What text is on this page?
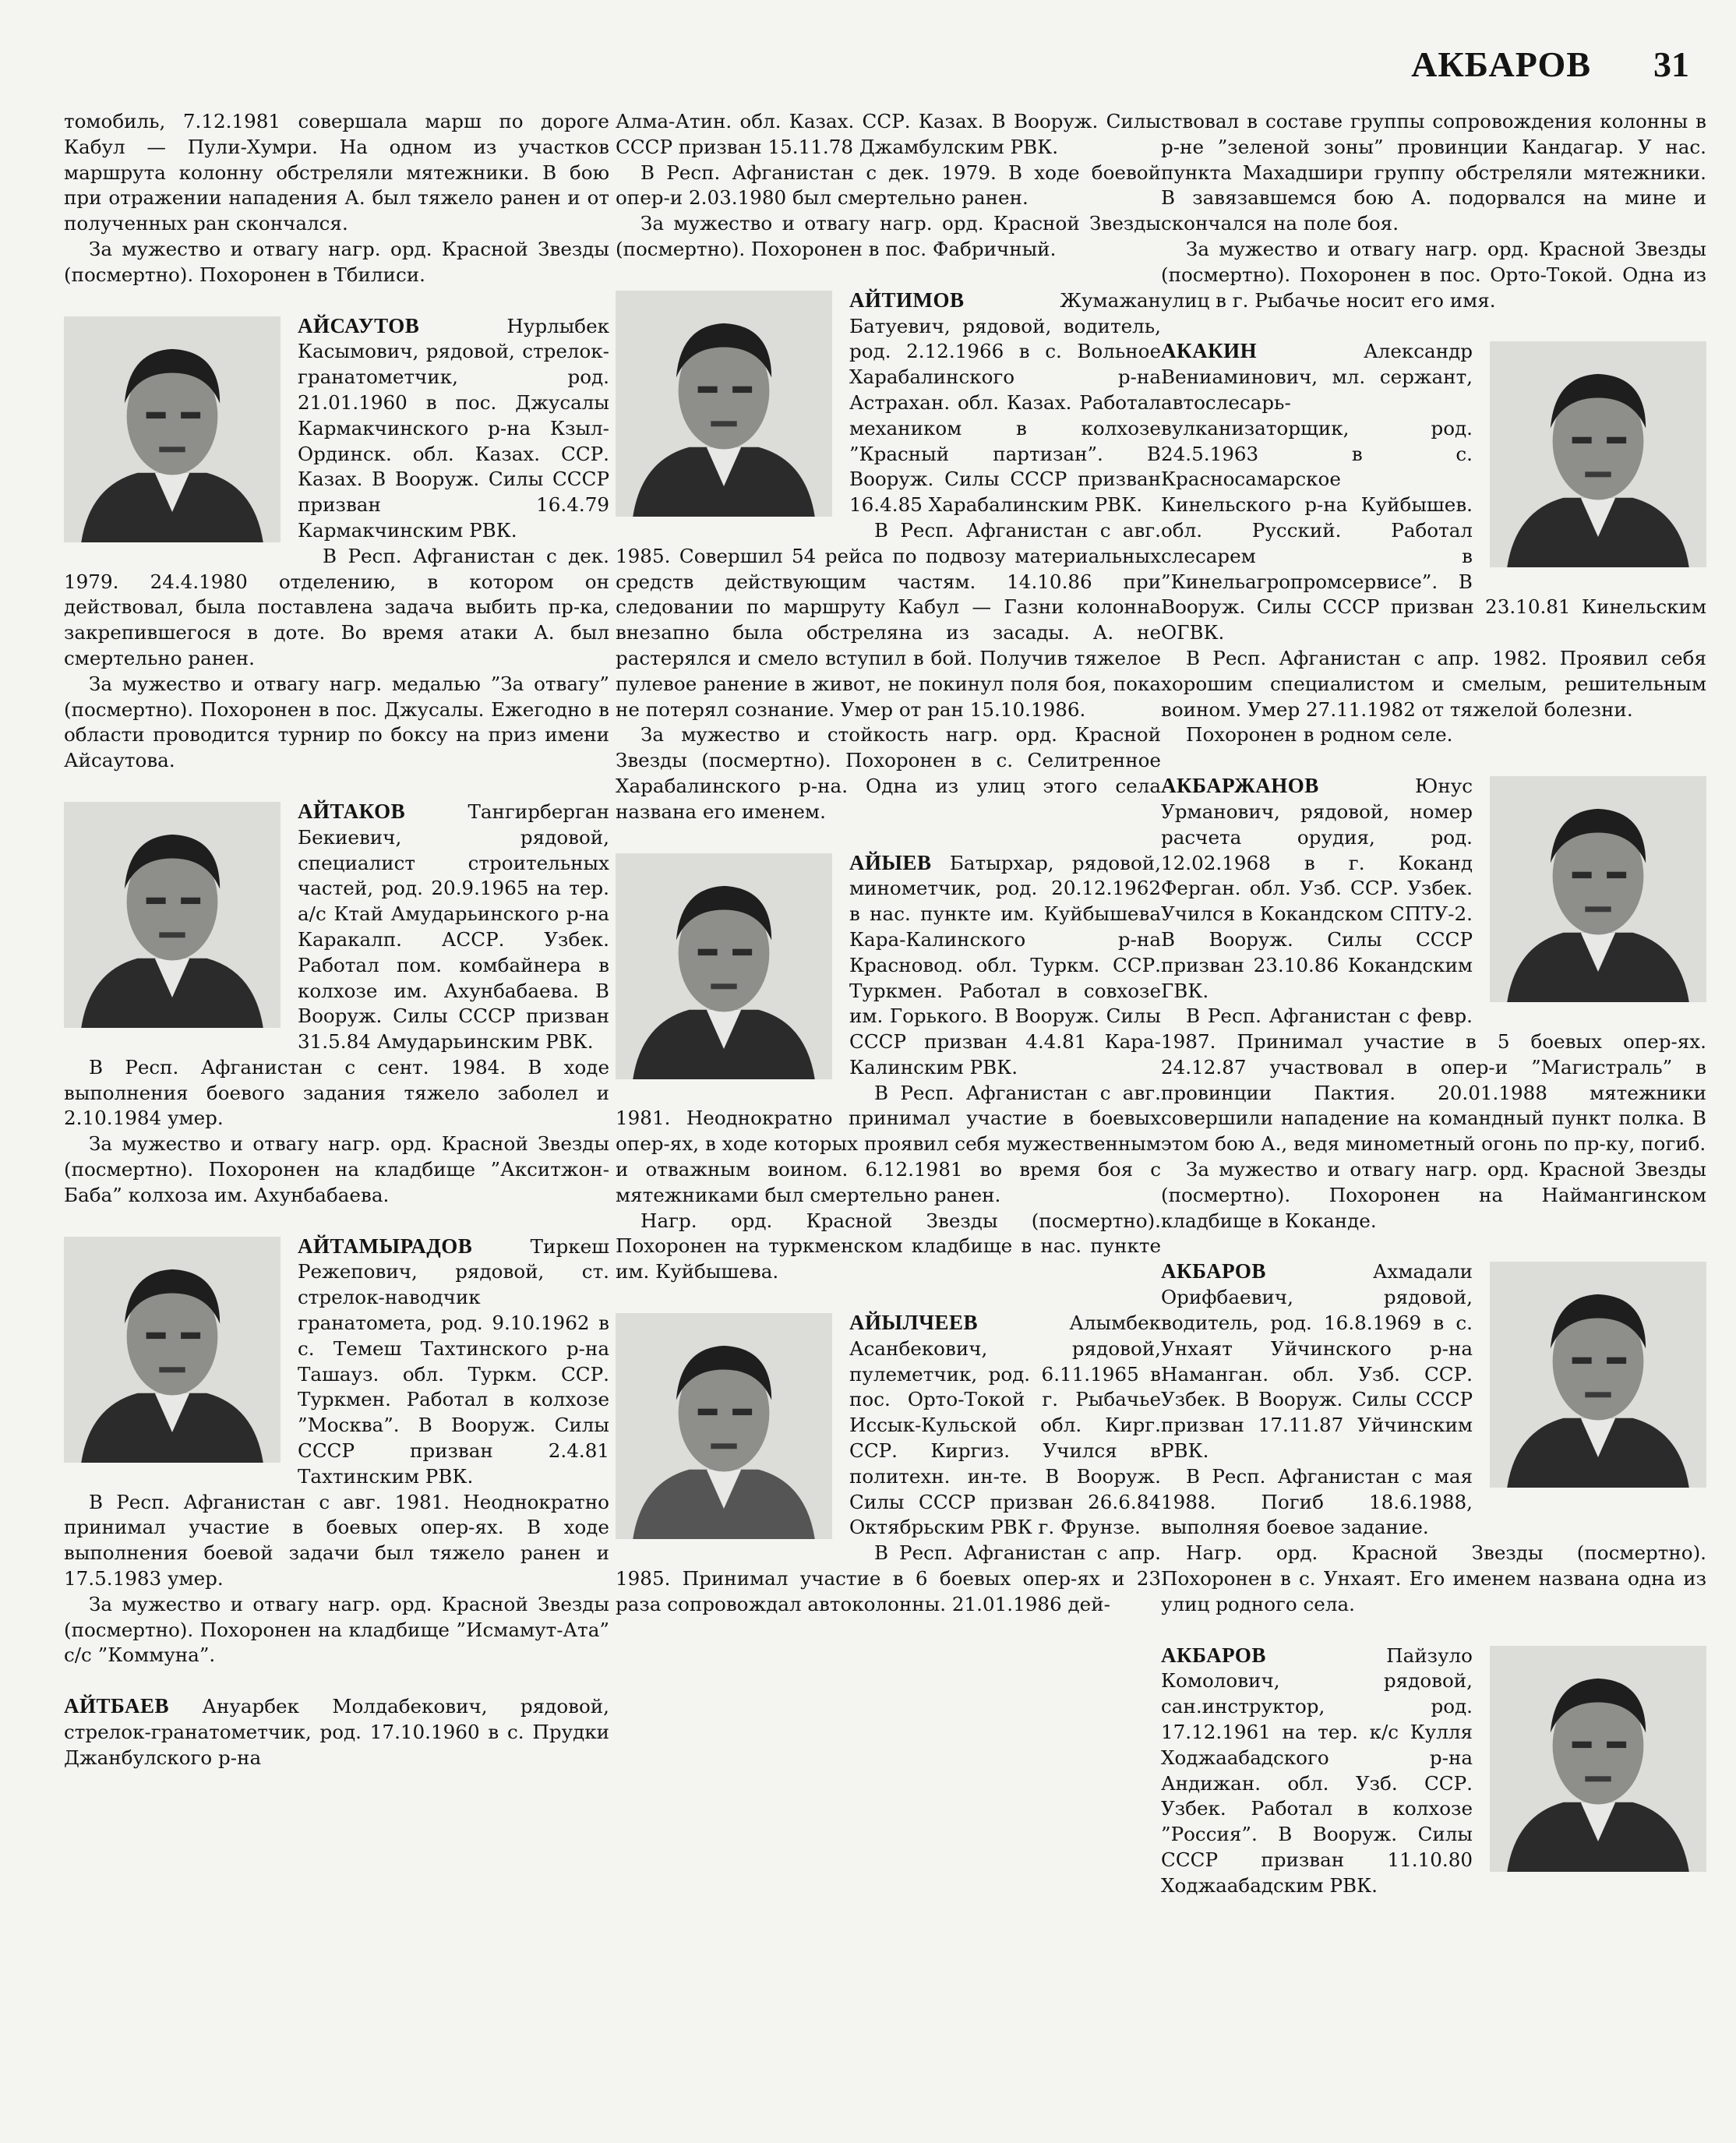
АКБАРОВ 31

томобиль, 7.12.1981 совершала марш по дороге Кабул — Пули-Хумри. На одном из участков маршрута колонну обстреляли мятежники. В бою при отражении нападения А. был тяжело ранен и от полученных ран скончался.

За мужество и отвагу нагр. орд. Красной Звезды (посмертно). Похоронен в Тбилиси.

АЙСАУТОВ	Нурлыбек Касымович, рядовой, стрелок-гранатометчик, род. 21.01.1960 в пос. Джусалы Кармакчинского р-на Кзыл-Ординск. обл. Казах. ССР. Казах. В Вооруж. Силы СССР призван 16.4.79 Кармакчинским РВК.

В Респ. Афганистан с дек. 1979. 24.4.1980 отделению, в котором он действовал, была поставлена задача выбить пр-ка, закрепившегося в доте. Во время атаки А. был смертельно ранен.

За мужество и отвагу нагр. медалью ”За отвагу” (посмертно). Похоронен в пос. Джусалы. Ежегодно в области проводится турнир по боксу на приз имени Айсаутова.

АЙТАКОВ	Тангирберган Бекиевич, рядовой, специалист строительных частей, род. 20.9.1965 на тер. а/с Ктай Амударьинского р-на Каракалп. АССР. Узбек. Работал пом. комбайнера в колхозе им. Ахунбабаева. В Вооруж. Силы СССР призван 31.5.84 Амударьинским РВК.

В Респ. Афганистан с сент. 1984. В ходе выполнения боевого задания тяжело заболел и 2.10.1984 умер.

За мужество и отвагу нагр. орд. Красной Звезды (посмертно). Похоронен на кладбище ”Акситжон-Баба” колхоза им. Ахунбабаева.

АЙТАМЫРАДОВ	Тиркеш Режепович, рядовой, ст. стрелок-наводчик гранатомета, род. 9.10.1962 в с. Темеш Тахтинского р-на Ташауз. обл. Туркм. ССР. Туркмен. Работал в колхозе ”Москва”. В Вооруж. Силы СССР призван 2.4.81 Тахтинским РВК.

В Респ. Афганистан с авг. 1981. Неоднократно принимал участие в боевых опер-ях. В ходе выполнения боевой задачи был тяжело ранен и 17.5.1983 умер.

За мужество и отвагу нагр. орд. Красной Звезды (посмертно). Похоронен на кладбище ”Исмамут-Ата” с/с ”Коммуна”.

АЙТБАЕВ Ануарбек Молдабекович, рядовой, стрелок-гранатометчик, род. 17.10.1960 в с. Прудки Джанбулского р-на

Алма-Атин. обл. Казах. ССР. Казах. В Вооруж. Силы СССР призван 15.11.78 Джамбулским РВК.

В Респ. Афганистан с дек. 1979. В ходе боевой опер-и 2.03.1980 был смертельно ранен.

За мужество и отвагу нагр. орд. Красной Звезды (посмертно). Похоронен в пос. Фабричный.

АЙТИМОВ	Жумажан Батуевич, рядовой, водитель, род. 2.12.1966 в с. Вольное Харабалинского р-на Астрахан. обл. Казах. Работал механиком в колхозе ”Красный партизан”. В Вооруж. Силы СССР призван 16.4.85 Харабалинским РВК.

В Респ. Афганистан с авг. 1985. Совершил 54 рейса по подвозу материальных средств действующим частям. 14.10.86 при следовании по маршруту Кабул — Газни колонна внезапно была обстреляна из засады. А. не растерялся и смело вступил в бой. Получив тяжелое пулевое ранение в живот, не покинул поля боя, пока не потерял сознание. Умер от ран 15.10.1986.

За мужество и стойкость нагр. орд. Красной Звезды (посмертно). Похоронен в с. Селитренное Харабалинского р-на. Одна из улиц этого села названа его именем.

АЙЫЕВ Батырхар, рядовой, минометчик, род. 20.12.1962 в нас. пункте им. Куйбышева Кара-Калинского р-на Красновод. обл. Туркм. ССР. Туркмен. Работал в совхозе им. Горького. В Вооруж. Силы СССР призван 4.4.81 Кара-Калинским РВК.

В Респ. Афганистан с авг. 1981. Неоднократно принимал участие в боевых опер-ях, в ходе которых проявил себя мужественным и отважным воином. 6.12.1981 во время боя с мятежниками был смертельно ранен.

Нагр. орд. Красной Звезды (посмертно). Похоронен на туркменском кладбище в нас. пункте им. Куйбышева.

АЙЫЛЧЕЕВ	Алымбек Асанбекович, рядовой, пулеметчик, род. 6.11.1965 в пос. Орто-Токой г. Рыбачье Иссык-Кульской обл. Кирг. ССР. Киргиз. Учился в политехн. ин-те. В Вооруж. Силы СССР призван 26.6.84 Октябрьским РВК г. Фрунзе.

В Респ. Афганистан с апр. 1985. Принимал участие в 6 боевых опер-ях и 23 раза сопровождал автоколонны. 21.01.1986 дей-

ствовал в составе группы сопровождения колонны в р-не ”зеленой зоны” провинции Кандагар. У нас. пункта Махадшири группу обстреляли мятежники. В завязавшемся бою А. подорвался на мине и скончался на поле боя.

За мужество и отвагу нагр. орд. Красной Звезды (посмертно). Похоронен в пос. Орто-Токой. Одна из улиц в г. Рыбачье носит его имя.

АКАКИН	Александр Вениаминович, мл. сержант, автослесарь-вулканизаторщик, род. 24.5.1963 в с. Красносамарское Кинельского р-на Куйбышев. обл. Русский. Работал слесарем в ”Кинельагропромсервисе”. В Вооруж. Силы СССР призван 23.10.81 Кинельским ОГВК.

В Респ. Афганистан с апр. 1982. Проявил себя хорошим специалистом и смелым, решительным воином. Умер 27.11.1982 от тяжелой болезни.

Похоронен в родном селе.

АКБАРЖАНОВ	Юнус Урманович, рядовой, номер расчета орудия, род. 12.02.1968 в г. Коканд Ферган. обл. Узб. ССР. Узбек. Учился в Кокандском СПТУ-2. В Вооруж. Силы СССР призван 23.10.86 Кокандским ГВК.

В Респ. Афганистан с февр. 1987. Принимал участие в 5 боевых опер-ях. 24.12.87 участвовал в опер-и ”Магистраль” в провинции Пактия. 20.01.1988 мятежники совершили нападение на командный пункт полка. В этом бою А., ведя минометный огонь по пр-ку, погиб.

За мужество и отвагу нагр. орд. Красной Звезды (посмертно). Похоронен на Наймангинском кладбище в Коканде.

АКБАРОВ	Ахмадали Орифбаевич, рядовой, водитель, род. 16.8.1969 в с. Унхаят Уйчинского р-на Наманган. обл. Узб. ССР. Узбек. В Вооруж. Силы СССР призван 17.11.87 Уйчинским РВК.

В Респ. Афганистан с мая 1988. Погиб 18.6.1988, выполняя боевое задание.

Нагр. орд. Красной Звезды (посмертно). Похоронен в с. Унхаят. Его именем названа одна из улиц родного села.

АКБАРОВ	Пайзуло Комолович, рядовой, сан.инструктор, род. 17.12.1961 на тер. к/с Кулля Ходжаабадского р-на Андижан. обл. Узб. ССР. Узбек. Работал в колхозе ”Россия”. В Вооруж. Силы СССР призван 11.10.80 Ходжаабадским РВК.
